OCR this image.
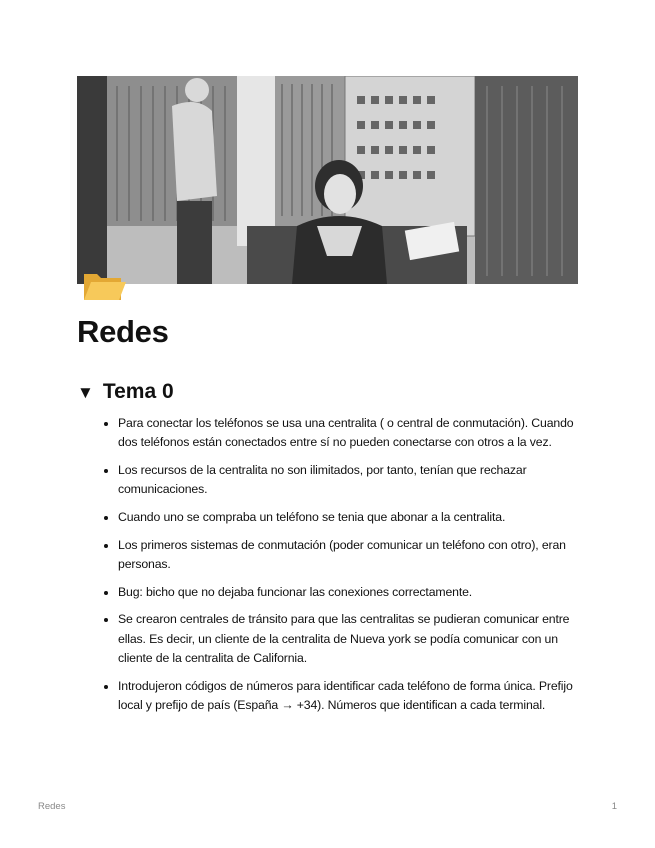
Redes
▼ Tema 0
Para conectar los teléfonos se usa una centralita ( o central de conmutación). Cuando dos teléfonos están conectados entre sí no pueden conectarse con otros a la vez.
Los recursos de la centralita no son ilimitados, por tanto, tenían que rechazar comunicaciones.
Cuando uno se compraba un teléfono se tenia que abonar a la centralita.
Los primeros sistemas de conmutación (poder comunicar un teléfono con otro), eran personas.
Bug: bicho que no dejaba funcionar las conexiones correctamente.
Se crearon centrales de tránsito para que las centralitas se pudieran comunicar entre ellas. Es decir, un cliente de la centralita de Nueva york se podía comunicar con un cliente de la centralita de California.
Introdujeron códigos de números para identificar cada teléfono de forma única. Prefijo local y prefijo de país (España → +34). Números que identifican a cada terminal.
Redes	1
